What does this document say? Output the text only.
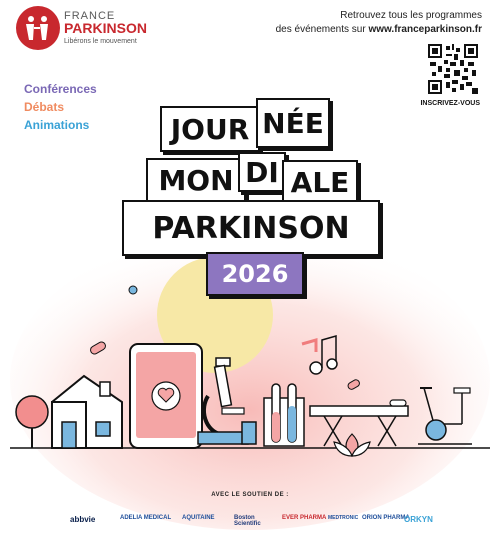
FRANCE
PARKINSON
Libérons le mouvement
Retrouvez tous les programmes
des événements sur www.franceparkinson.fr
INSCRIVEZ-VOUS
Conférences
Débats
Animations	JOUR NÉE
MON DI ALE
PARKINSON
2026
AVEC LE SOUTIEN DE :
abbvie	ADELIA MEDICAL AQUITAINE	Boston Scientific
EVER PHARMA MEDTRONIC ORION PHARMA
ORKYN
